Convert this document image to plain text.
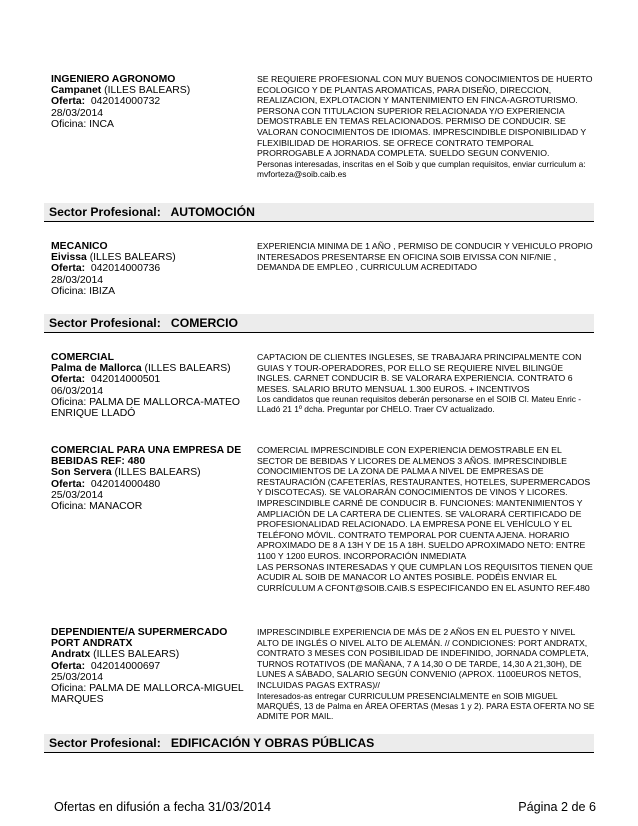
INGENIERO AGRONOMO

Campanet (ILLES BALEARS)

Oferta:  042014000732

28/03/2014

Oficina: INCA

SE REQUIERE PROFESIONAL CON MUY BUENOS CONOCIMIENTOS DE HUERTO ECOLOGICO Y DE PLANTAS AROMATICAS, PARA DISEÑO, DIRECCION, REALIZACION, EXPLOTACION Y MANTENIMIENTO EN FINCA-AGROTURISMO. PERSONA CON TITULACION SUPERIOR RELACIONADA Y/O EXPERIENCIA DEMOSTRABLE EN TEMAS RELACIONADOS. PERMISO DE CONDUCIR. SE VALORAN CONOCIMIENTOS DE IDIOMAS. IMPRESCINDIBLE DISPONIBILIDAD Y FLEXIBILIDAD DE HORARIOS. SE OFRECE CONTRATO TEMPORAL PRORROGABLE A JORNADA COMPLETA. SUELDO SEGUN CONVENIO.

Personas interesadas, inscritas en el Soib y que cumplan requisitos, enviar curriculum a: mvforteza@soib.caib.es

Sector Profesional:   AUTOMOCIÓN

MECANICO

Eivissa (ILLES BALEARS)

Oferta:  042014000736

28/03/2014

Oficina: IBIZA

EXPERIENCIA MINIMA DE 1 AÑO , PERMISO DE CONDUCIR Y VEHICULO PROPIO

INTERESADOS PRESENTARSE EN OFICINA SOIB EIVISSA CON NIF/NIE , DEMANDA DE EMPLEO , CURRICULUM ACREDITADO

Sector Profesional:   COMERCIO

COMERCIAL

Palma de Mallorca (ILLES BALEARS)

Oferta:  042014000501

06/03/2014

Oficina: PALMA DE MALLORCA-MATEO ENRIQUE LLADÓ

CAPTACION DE CLIENTES INGLESES, SE TRABAJARA PRINCIPALMENTE CON GUIAS Y TOUR-OPERADORES, POR ELLO SE REQUIERE NIVEL BILINGÜE INGLES. CARNET CONDUCIR B. SE VALORARA EXPERIENCIA. CONTRATO 6 MESES. SALARIO BRUTO MENSUAL 1.300 EUROS. + INCENTIVOS

Los candidatos que reunan requisitos deberán personarse en el SOIB Cl. Mateu Enric - LLadó 21 1º dcha. Preguntar por CHELO. Traer CV actualizado.

COMERCIAL PARA UNA EMPRESA DE BEBIDAS REF: 480

Son Servera (ILLES BALEARS)

Oferta:  042014000480

25/03/2014

Oficina: MANACOR

COMERCIAL IMPRESCINDIBLE CON EXPERIENCIA DEMOSTRABLE EN EL SECTOR DE BEBIDAS Y LICORES DE ALMENOS 3 AÑOS. IMPRESCINDIBLE CONOCIMIENTOS DE LA ZONA DE PALMA A NIVEL DE EMPRESAS DE RESTAURACIÓN (CAFETERÍAS, RESTAURANTES, HOTELES, SUPERMERCADOS Y DISCOTECAS). SE VALORARÁN CONOCIMIENTOS DE VINOS Y LICORES. IMPRESCINDIBLE CARNÉ DE CONDUCIR B. FUNCIONES: MANTENIMIENTOS Y AMPLIACIÓN DE LA CARTERA DE CLIENTES. SE VALORARÁ CERTIFICADO DE PROFESIONALIDAD RELACIONADO. LA EMPRESA PONE EL VEHÍCULO Y EL TELÉFONO MÓVIL. CONTRATO TEMPORAL POR CUENTA AJENA. HORARIO APROXIMADO DE 8 A 13H Y DE 15 A 18H. SUELDO APROXIMADO NETO: ENTRE 1100 Y 1200 EUROS. INCORPORACIÓN INMEDIATA

LAS PERSONAS INTERESADAS Y QUE CUMPLAN LOS REQUISITOS TIENEN QUE ACUDIR AL SOIB DE MANACOR LO ANTES POSIBLE. PODÉIS ENVIAR EL CURRÍCULUM A CFONT@SOIB.CAIB.S ESPECIFICANDO EN EL ASUNTO REF.480

DEPENDIENTE/A SUPERMERCADO PORT ANDRATX

Andratx (ILLES BALEARS)

Oferta:  042014000697

25/03/2014

Oficina: PALMA DE MALLORCA-MIGUEL MARQUES

IMPRESCINDIBLE EXPERIENCIA DE MÁS DE 2 AÑOS EN EL PUESTO Y NIVEL ALTO DE INGLÉS O NIVEL ALTO DE ALEMÁN. // CONDICIONES: PORT ANDRATX, CONTRATO 3 MESES CON POSIBILIDAD DE INDEFINIDO, JORNADA COMPLETA, TURNOS ROTATIVOS (DE MAÑANA, 7 A 14,30 O DE TARDE, 14,30 A 21,30H), DE LUNES A SÁBADO, SALARIO SEGÚN CONVENIO (APROX. 1100EUROS NETOS, INCLUIDAS PAGAS EXTRAS)//

Interesados-as entregar CURRICULUM PRESENCIALMENTE en SOIB MIGUEL MARQUÉS, 13 de Palma en ÁREA OFERTAS (Mesas 1 y 2). PARA ESTA OFERTA NO SE ADMITE POR MAIL.

Sector Profesional:   EDIFICACIÓN Y OBRAS PÚBLICAS
Ofertas en difusión a fecha 31/03/2014	Página 2 de 6
